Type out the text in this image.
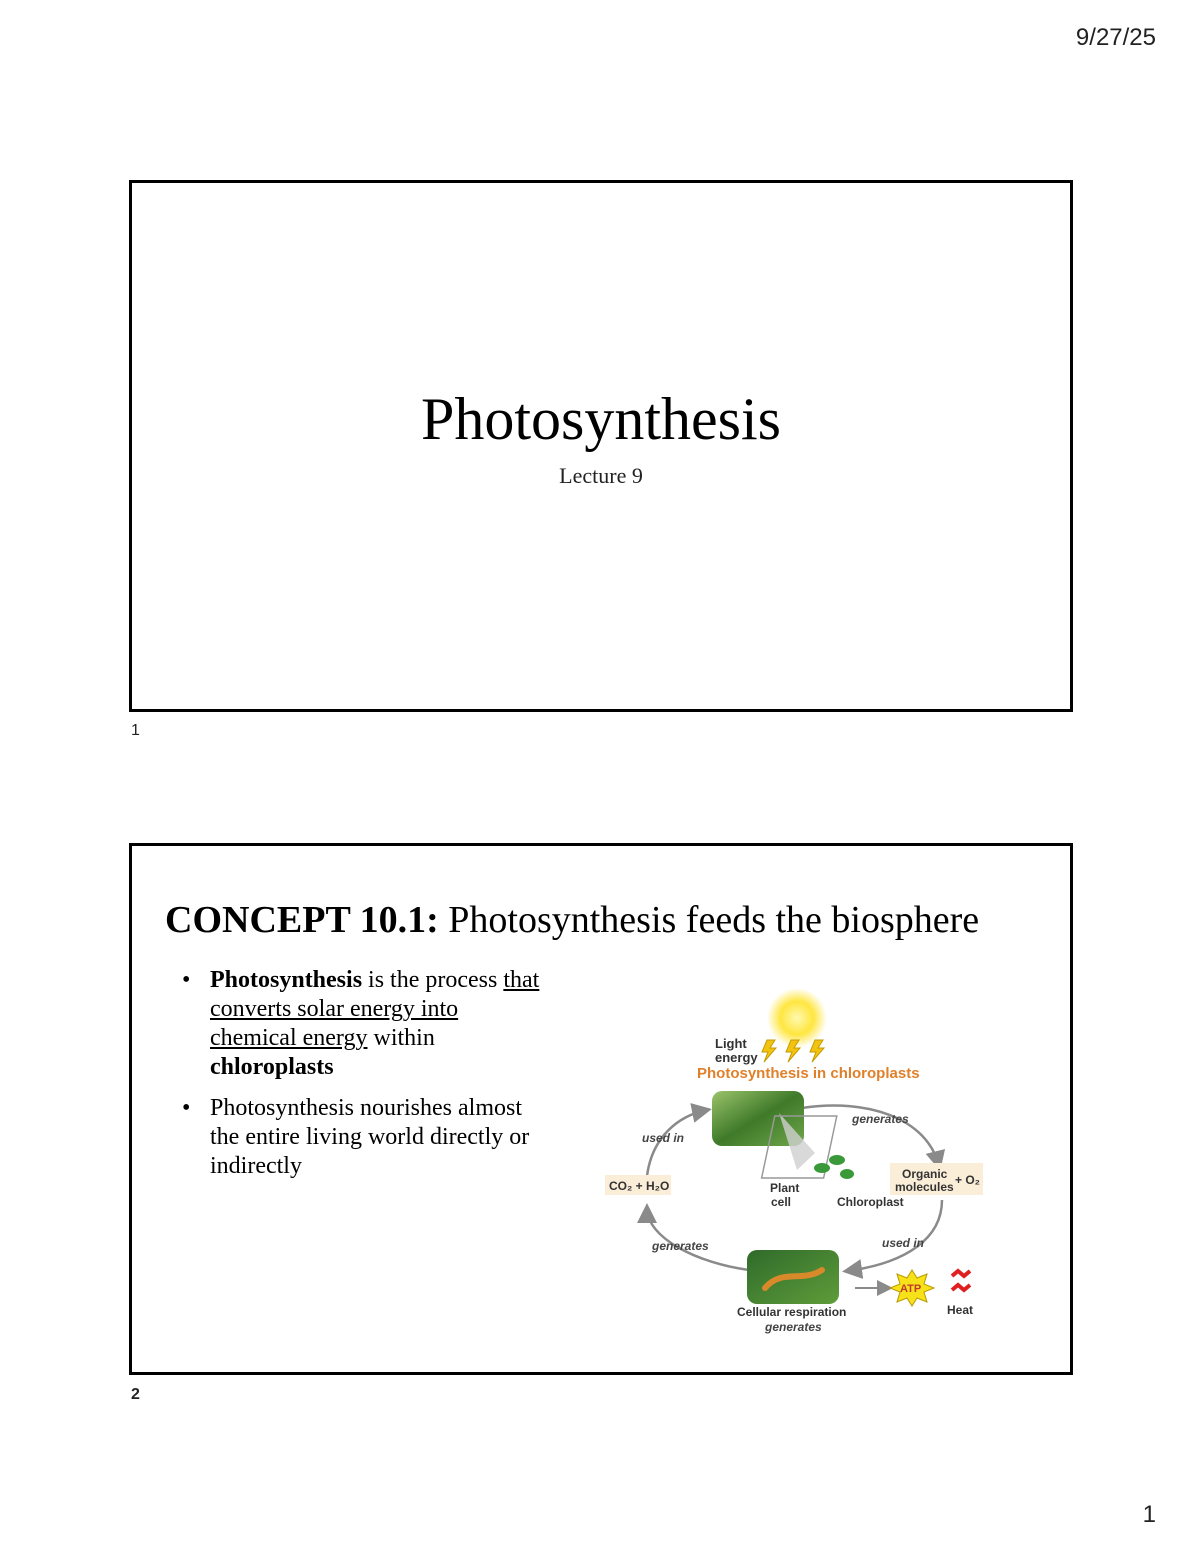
9/27/25
Photosynthesis
Lecture 9
1
CONCEPT 10.1: Photosynthesis feeds the biosphere
• Photosynthesis is the process that converts solar energy into chemical energy within chloroplasts
• Photosynthesis nourishes almost the entire living world directly or indirectly
Light
energy
Photosynthesis in chloroplasts
CO₂ + H₂O
Organic
molecules + O₂
Plant
cell	Chloroplast
generates
used in
generates	used in
ATP
Heat
Cellular respiration
generates
2
1
